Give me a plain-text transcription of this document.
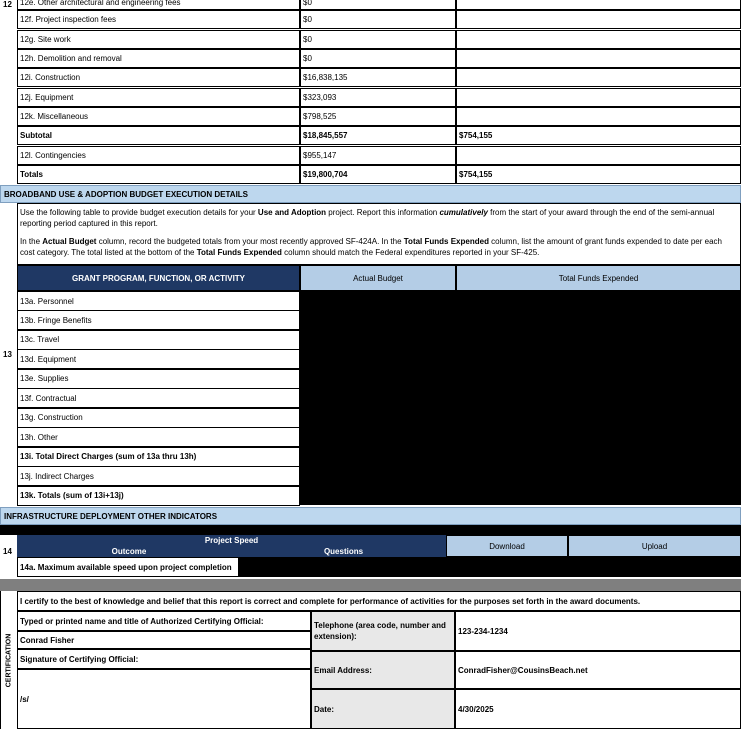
12e. Other architectural and engineering fees	$0
12f. Project inspection fees	$0
12g. Site work	$0
12h. Demolition and removal	$0
12i. Construction	$16,838,135
12j. Equipment	$323,093
12k. Miscellaneous	$798,525
Subtotal	$18,845,557	$754,155
12l. Contingencies	$955,147
Totals	$19,800,704	$754,155
12
BROADBAND USE & ADOPTION BUDGET EXECUTION DETAILS
Use the following table to provide budget execution details for your Use and Adoption project. Report this information cumulatively from the start of your award through the end of the semi-annual reporting period captured in this report.
In the Actual Budget column, record the budgeted totals from your most recently approved SF-424A. In the Total Funds Expended column, list the amount of grant funds expended to date per each cost category. The total listed at the bottom of the Total Funds Expended column should match the Federal expenditures reported in your SF-425.
GRANT PROGRAM, FUNCTION, OR ACTIVITY	Actual Budget	Total Funds Expended
13a. Personnel
13b. Fringe Benefits
13c. Travel
13d. Equipment
13e. Supplies
13f. Contractual
13g. Construction
13h. Other
13i. Total Direct Charges (sum of 13a thru 13h)
13j. Indirect Charges
13k. Totals (sum of 13i+13j)
13
INFRASTRUCTURE DEPLOYMENT OTHER INDICATORS
Project Speed
Outcome	Questions
Download	Upload
14
14a. Maximum available speed upon project completion
CERTIFICATION
I certify to the best of knowledge and belief that this report is correct and complete for performance of activities for the purposes set forth in the award documents.
Typed or printed name and title of Authorized Certifying Official:
Conrad Fisher
Signature of Certifying Official:
/s/
Telephone (area code, number and extension):
123-234-1234
Email Address:	ConradFisher@CousinsBeach.net
Date:	4/30/2025
